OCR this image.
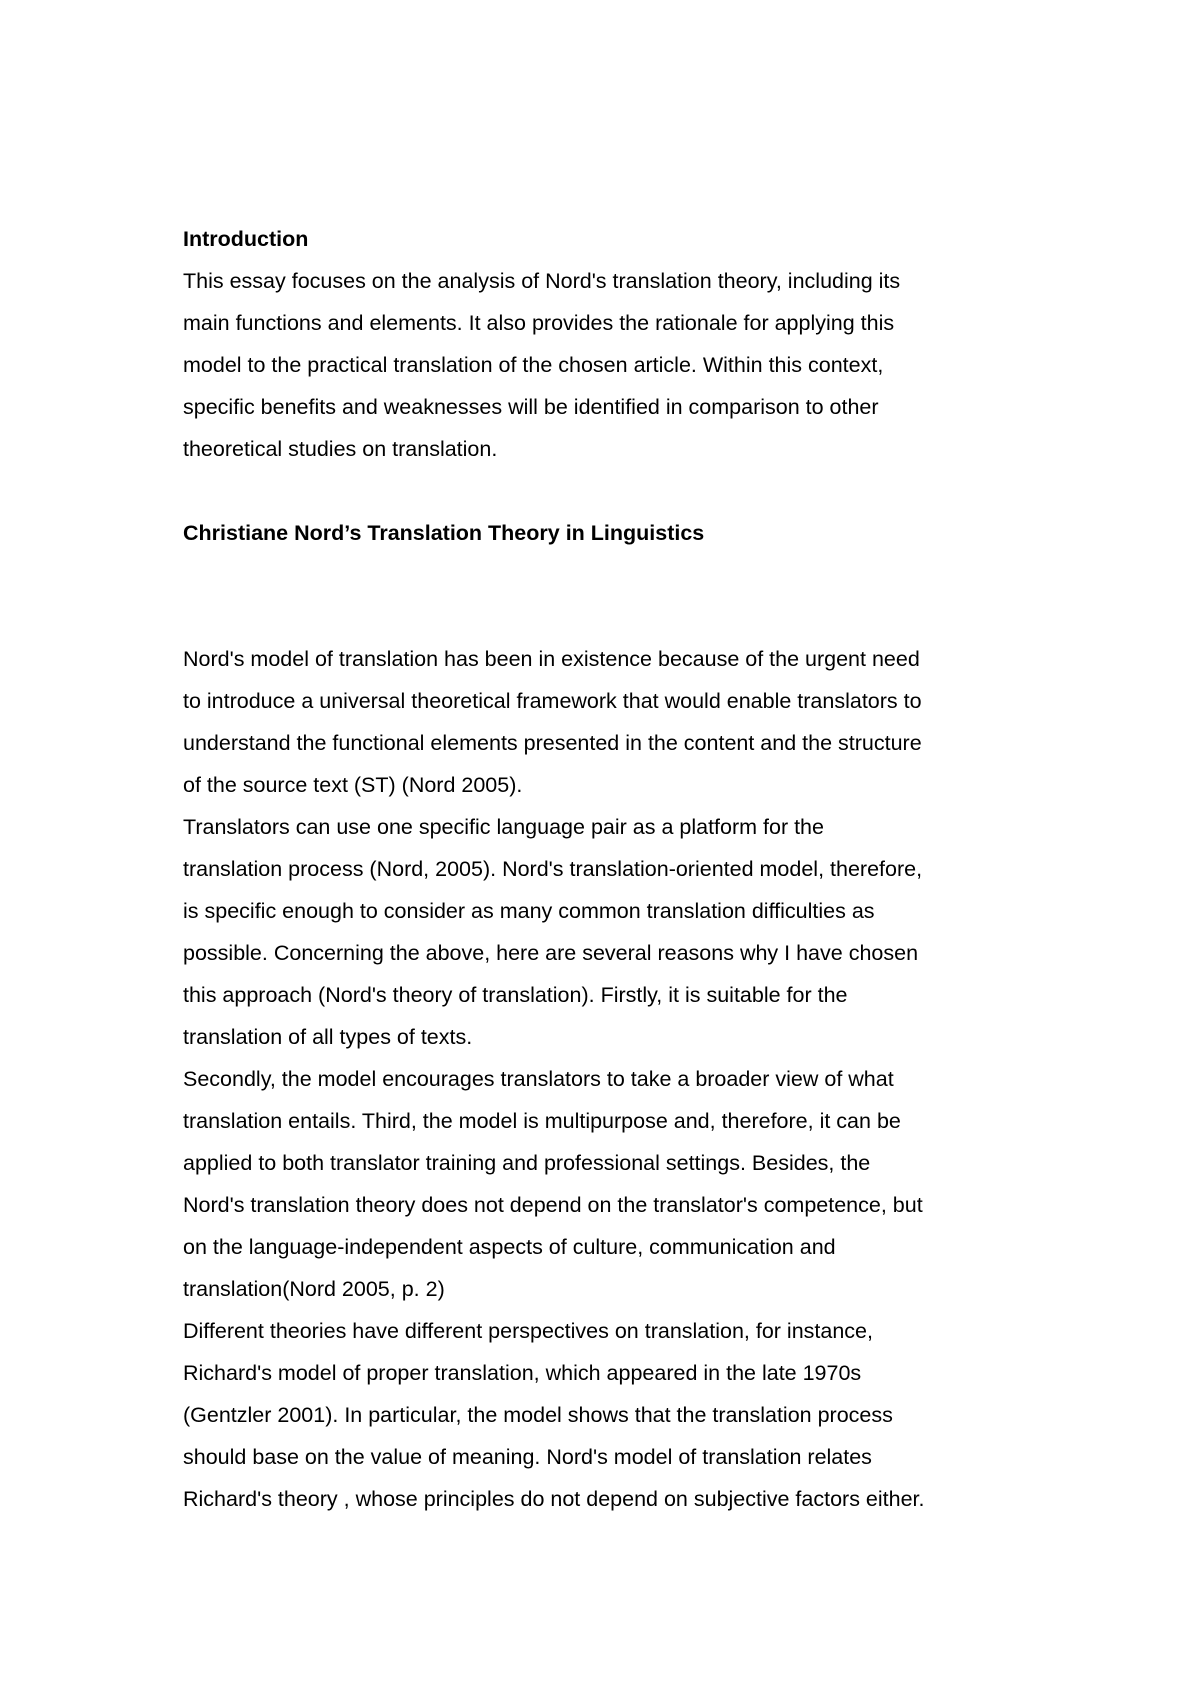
Introduction

This essay focuses on the analysis of Nord's translation theory, including its
main functions and elements. It also provides the rationale for applying this
model to the practical translation of the chosen article. Within this context,
specific benefits and weaknesses will be identified in comparison to other
theoretical studies on translation.

Christiane Nord’s Translation Theory in Linguistics

Nord's model of translation has been in existence because of the urgent need
to introduce a universal theoretical framework that would enable translators to
understand the functional elements presented in the content and the structure
of the source text (ST) (Nord 2005).

Translators can use one specific language pair as a platform for the
translation process (Nord, 2005). Nord's translation-oriented model, therefore,
is specific enough to consider as many common translation difficulties as
possible. Concerning the above, here are several reasons why I have chosen
this approach (Nord's theory of translation). Firstly, it is suitable for the
translation of all types of texts.

Secondly, the model encourages translators to take a broader view of what
translation entails. Third, the model is multipurpose and, therefore, it can be
applied to both translator training and professional settings. Besides, the
Nord's translation theory does not depend on the translator's competence, but
on the language-independent aspects of culture, communication and
translation(Nord 2005, p. 2)

Different theories have different perspectives on translation, for instance,
Richard's model of proper translation, which appeared in the late 1970s
(Gentzler 2001). In particular, the model shows that the translation process
should base on the value of meaning. Nord's model of translation relates
Richard's theory , whose principles do not depend on subjective factors either.
